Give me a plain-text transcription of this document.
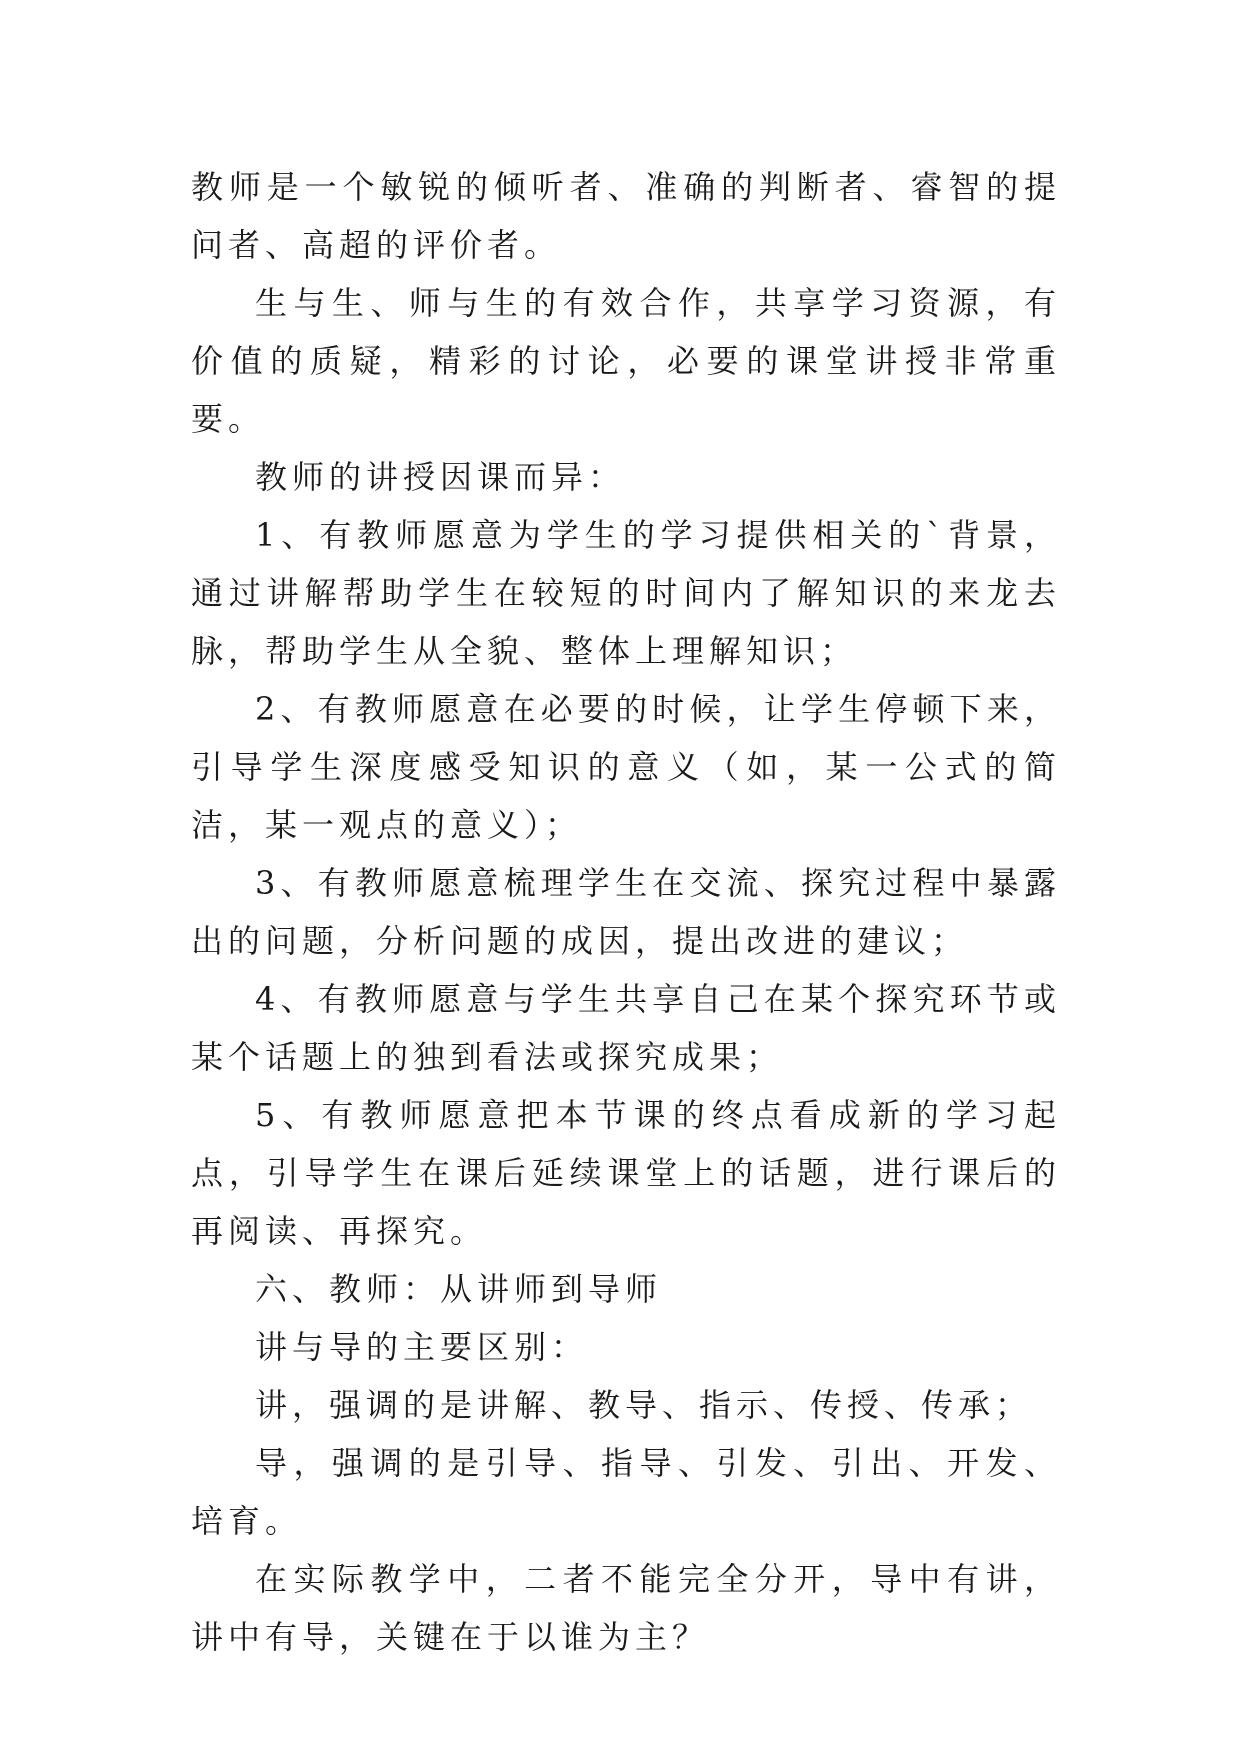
教师是一个敏锐的倾听者、准确的判断者、睿智的提问者、高超的评价者。

生与生、师与生的有效合作，共享学习资源，有价值的质疑，精彩的讨论，必要的课堂讲授非常重要。

教师的讲授因课而异：

1、有教师愿意为学生的学习提供相关的`背景，通过讲解帮助学生在较短的时间内了解知识的来龙去脉，帮助学生从全貌、整体上理解知识；

2、有教师愿意在必要的时候，让学生停顿下来，引导学生深度感受知识的意义（如，某一公式的简洁，某一观点的意义）；

3、有教师愿意梳理学生在交流、探究过程中暴露出的问题，分析问题的成因，提出改进的建议；

4、有教师愿意与学生共享自己在某个探究环节或某个话题上的独到看法或探究成果；

5、有教师愿意把本节课的终点看成新的学习起点，引导学生在课后延续课堂上的话题，进行课后的再阅读、再探究。

六、教师：从讲师到导师

讲与导的主要区别：

讲，强调的是讲解、教导、指示、传授、传承；

导，强调的是引导、指导、引发、引出、开发、培育。

在实际教学中，二者不能完全分开，导中有讲，讲中有导，关键在于以谁为主？
